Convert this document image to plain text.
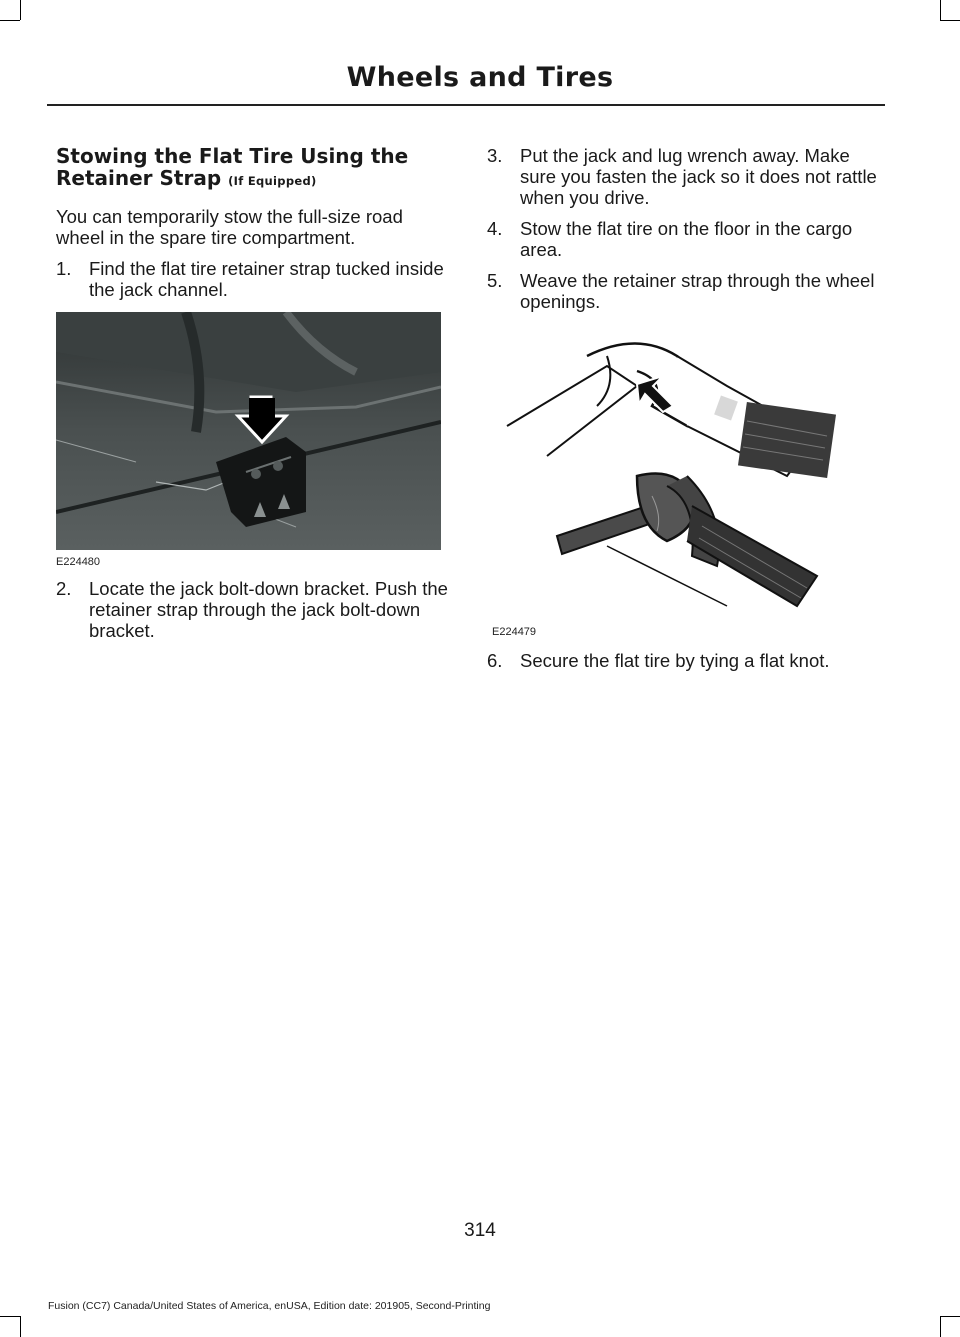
Wheels and Tires
Stowing the Flat Tire Using the Retainer Strap (If Equipped)
You can temporarily stow the full-size road wheel in the spare tire compartment.
1. Find the flat tire retainer strap tucked inside the jack channel.
E224480
2. Locate the jack bolt-down bracket. Push the retainer strap through the jack bolt-down bracket.
3. Put the jack and lug wrench away. Make sure you fasten the jack so it does not rattle when you drive.
4. Stow the flat tire on the floor in the cargo area.
5. Weave the retainer strap through the wheel openings.
E224479
6. Secure the flat tire by tying a flat knot.
314
Fusion (CC7) Canada/United States of America, enUSA, Edition date: 201905, Second-Printing
